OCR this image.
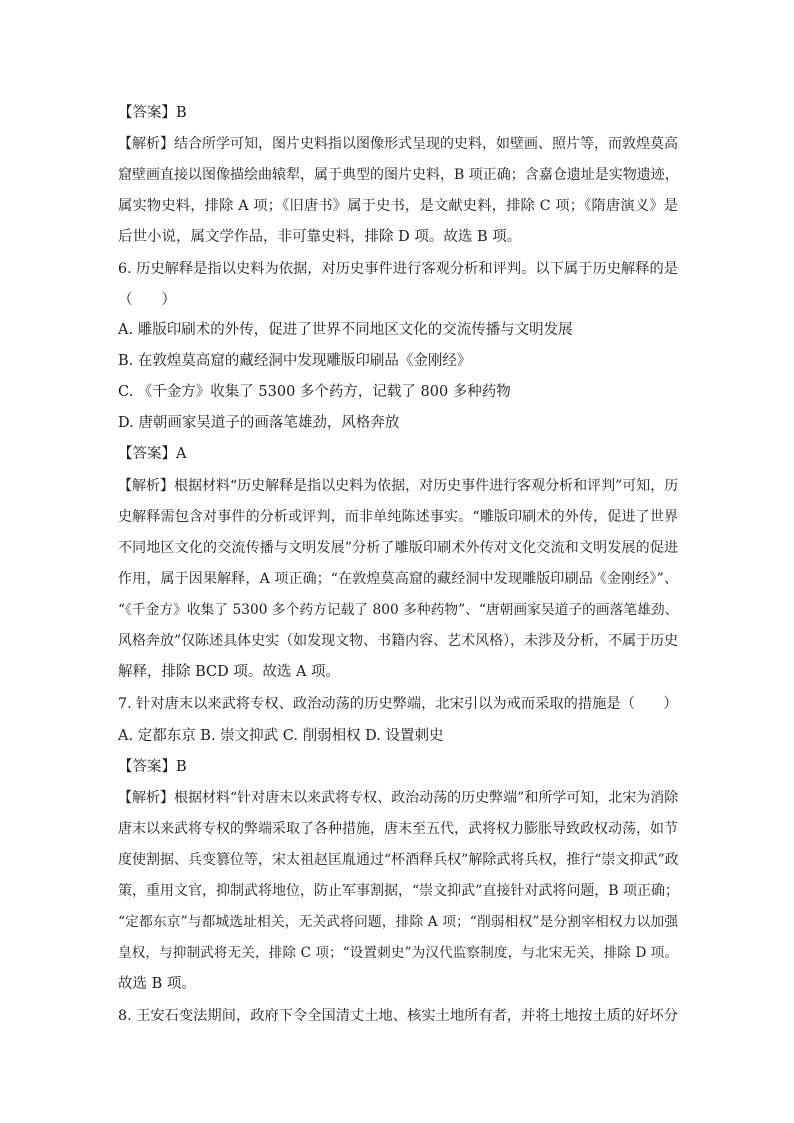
【答案】B
【解析】结合所学可知，图片史料指以图像形式呈现的史料，如壁画、照片等，而敦煌莫高
窟壁画直接以图像描绘曲辕犁，属于典型的图片史料，B 项正确；含嘉仓遗址是实物遗迹，
属实物史料，排除 A 项；《旧唐书》属于史书，是文献史料，排除 C 项；《隋唐演义》是
后世小说，属文学作品，非可靠史料，排除 D 项。故选 B 项。
6. 历史解释是指以史料为依据，对历史事件进行客观分析和评判。以下属于历史解释的是
（　　）
A. 雕版印刷术的外传，促进了世界不同地区文化的交流传播与文明发展
B. 在敦煌莫高窟的藏经洞中发现雕版印刷品《金刚经》
C. 《千金方》收集了 5300 多个药方，记载了 800 多种药物
D. 唐朝画家吴道子的画落笔雄劲，风格奔放
【答案】A
【解析】根据材料“历史解释是指以史料为依据，对历史事件进行客观分析和评判”可知，历
史解释需包含对事件的分析或评判，而非单纯陈述事实。“雕版印刷术的外传，促进了世界
不同地区文化的交流传播与文明发展”分析了雕版印刷术外传对文化交流和文明发展的促进
作用，属于因果解释，A 项正确；“在敦煌莫高窟的藏经洞中发现雕版印刷品《金刚经》”、
“《千金方》收集了 5300 多个药方记载了 800 多种药物”、“唐朝画家吴道子的画落笔雄劲、
风格奔放”仅陈述具体史实（如发现文物、书籍内容、艺术风格），未涉及分析，不属于历史
解释，排除 BCD 项。故选 A 项。
7. 针对唐末以来武将专权、政治动荡的历史弊端，北宋引以为戒而采取的措施是（　　）
A. 定都东京 B. 崇文抑武 C. 削弱相权 D. 设置刺史
【答案】B
【解析】根据材料“针对唐末以来武将专权、政治动荡的历史弊端”和所学可知，北宋为消除
唐末以来武将专权的弊端采取了各种措施，唐末至五代，武将权力膨胀导致政权动荡，如节
度使割据、兵变篡位等，宋太祖赵匡胤通过“杯酒释兵权”解除武将兵权，推行“崇文抑武”政
策，重用文官，抑制武将地位，防止军事割据，“崇文抑武”直接针对武将问题，B 项正确；
“定都东京”与都城选址相关，无关武将问题，排除 A 项；“削弱相权”是分割宰相权力以加强
皇权，与抑制武将无关，排除 C 项；“设置刺史”为汉代监察制度，与北宋无关，排除 D 项。
故选 B 项。
8. 王安石变法期间，政府下令全国清丈土地、核实土地所有者，并将土地按土质的好坏分
